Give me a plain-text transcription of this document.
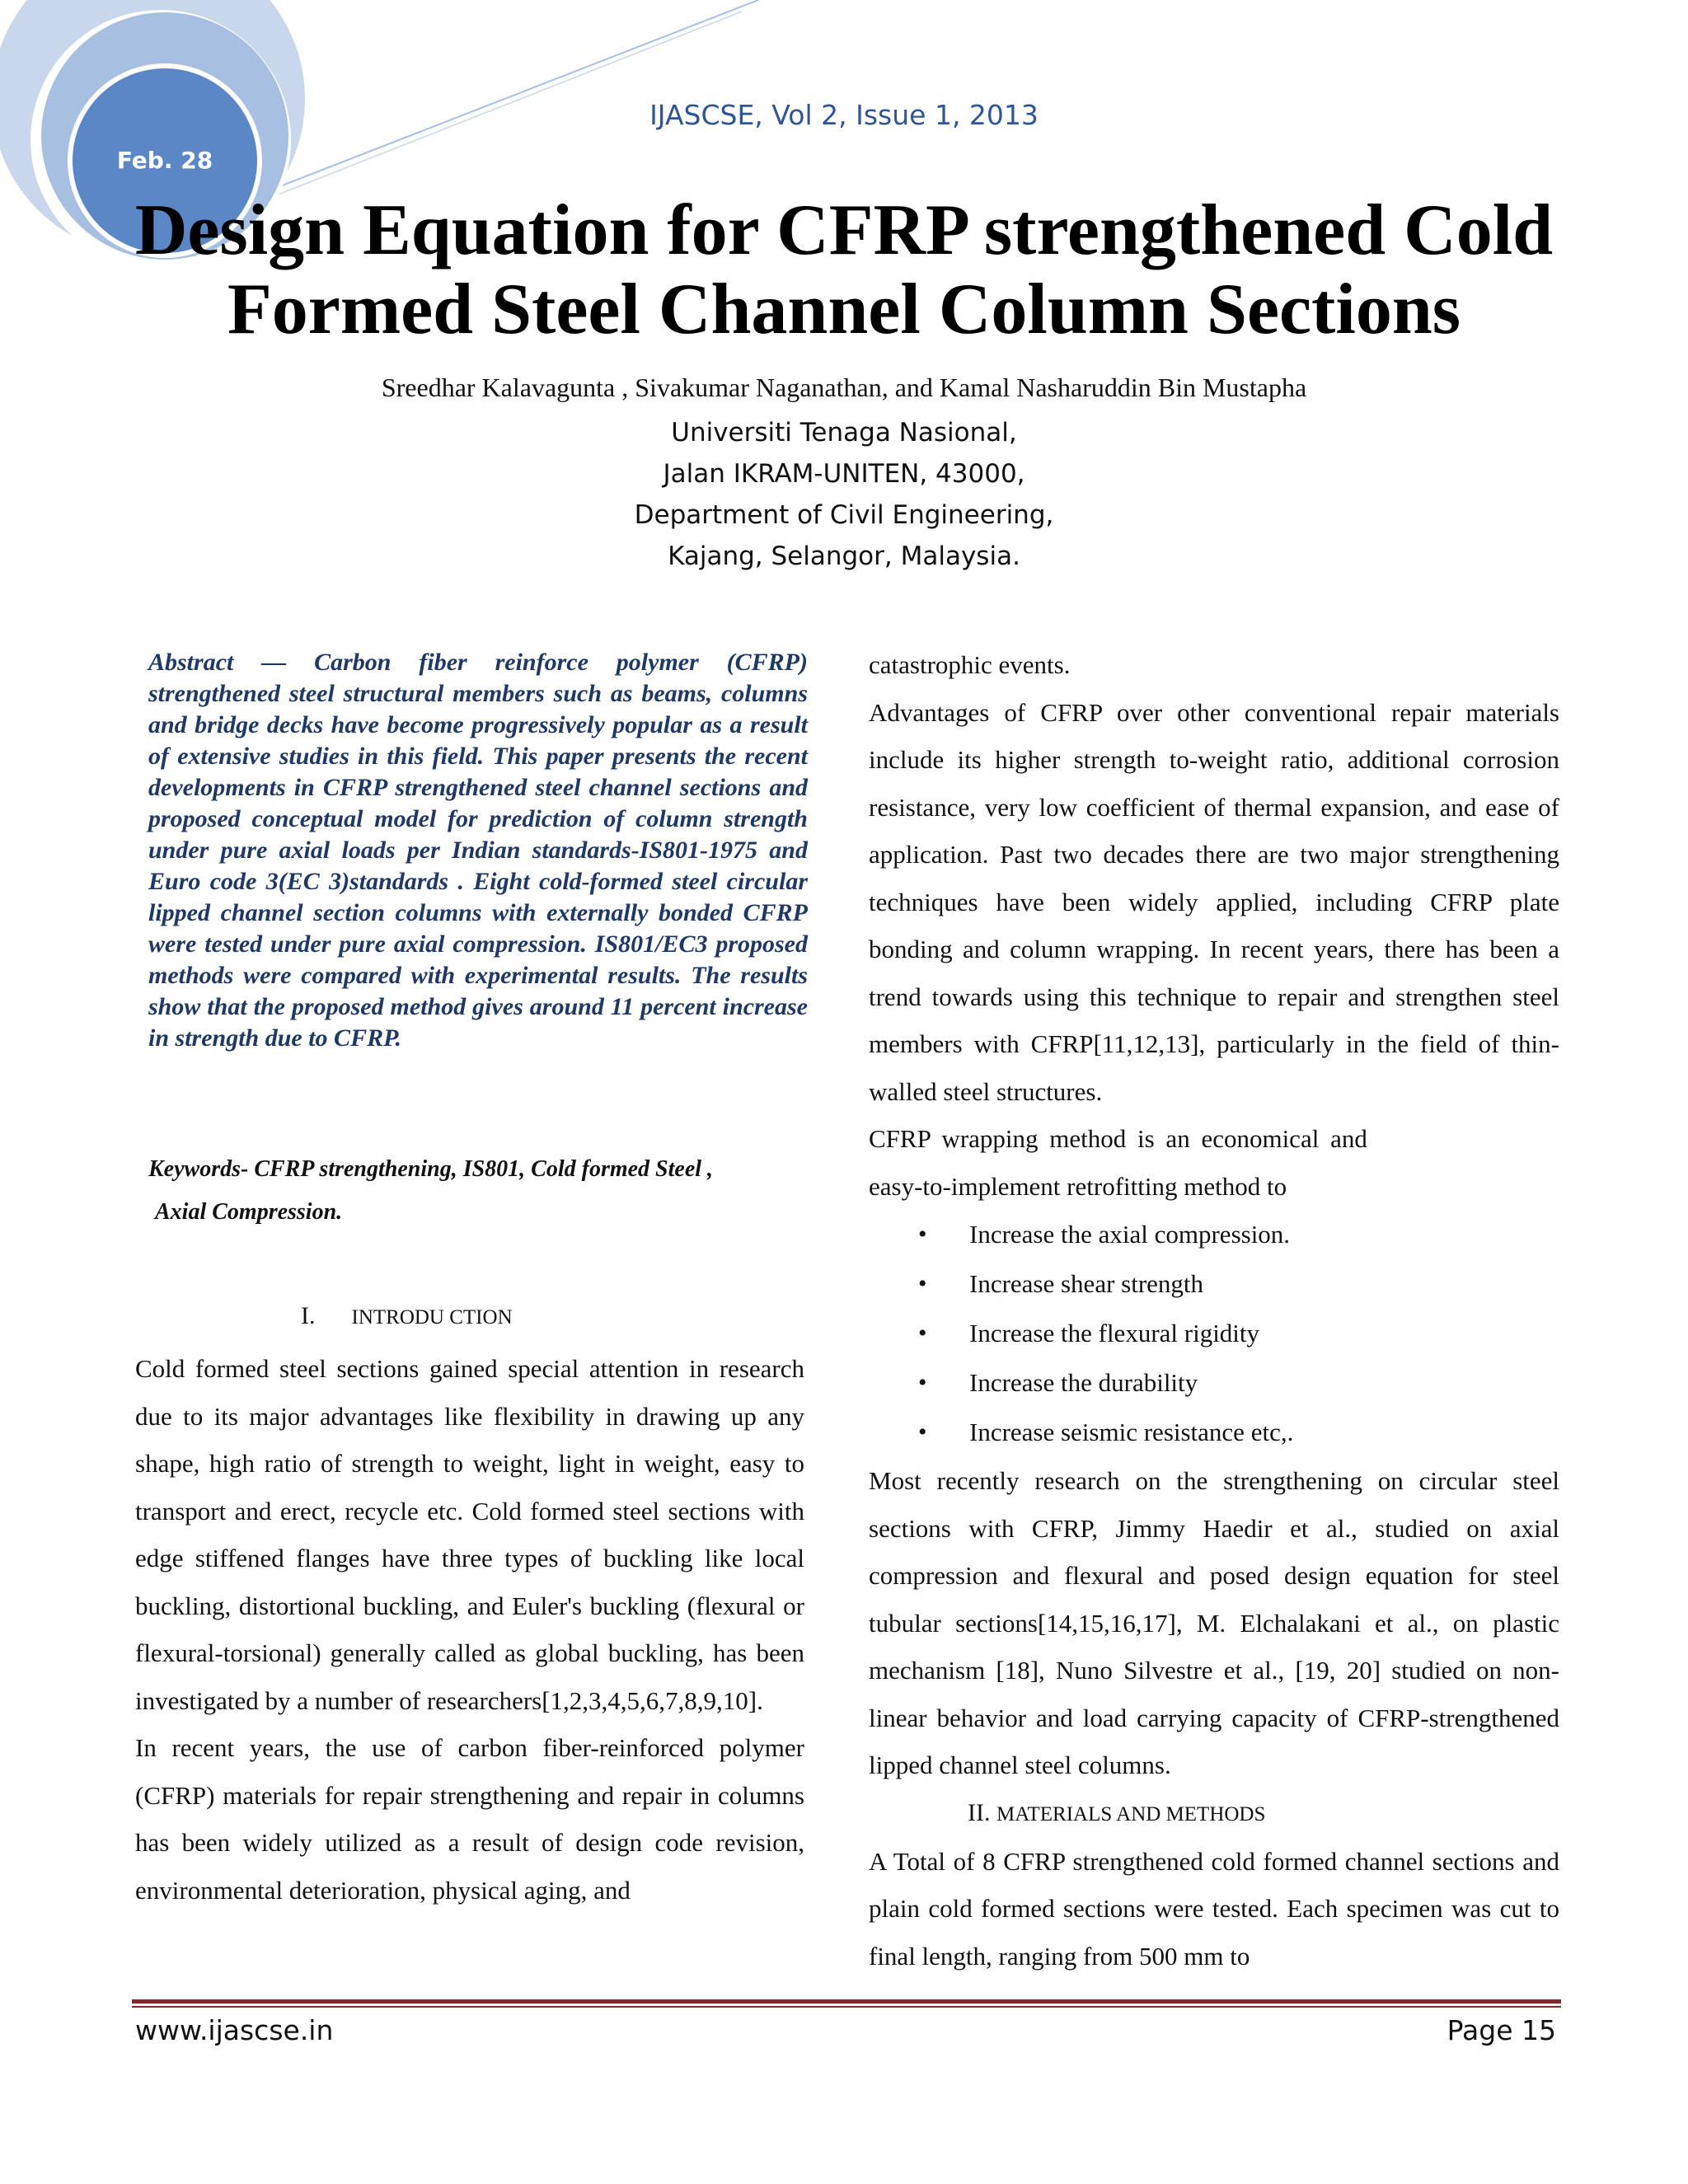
Feb. 28
IJASCSE, Vol 2, Issue 1, 2013
Design Equation for CFRP strengthened Cold
Formed Steel Channel Column Sections
Sreedhar Kalavagunta , Sivakumar Naganathan, and Kamal Nasharuddin Bin Mustapha
Universiti Tenaga Nasional,
Jalan IKRAM-UNITEN, 43000,
Department of Civil Engineering,
Kajang, Selangor, Malaysia.

Abstract — Carbon fiber reinforce polymer (CFRP) strengthened steel structural members such as beams, columns and bridge decks have become progressively popular as a result of extensive studies in this field. This paper presents the recent developments in CFRP strengthened steel channel sections and proposed conceptual model for prediction of column strength under pure axial loads per Indian standards-IS801-1975 and Euro code 3(EC 3)standards . Eight cold-formed steel circular lipped channel section columns with externally bonded CFRP were tested under pure axial compression. IS801/EC3 proposed methods were compared with experimental results. The results show that the proposed method gives around 11 percent increase in strength due to CFRP.

Keywords- CFRP strengthening, IS801, Cold formed Steel ,
Axial Compression.
I. INTRODU CTION

Cold formed steel sections gained special attention in research due to its major advantages like flexibility in drawing up any shape, high ratio of strength to weight, light in weight, easy to transport and erect, recycle etc. Cold formed steel sections with edge stiffened flanges have three types of buckling like local buckling, distortional buckling, and Euler's buckling (flexural or flexural-torsional) generally called as global buckling, has been investigated by a number of researchers[1,2,3,4,5,6,7,8,9,10].

In recent years, the use of carbon fiber-reinforced polymer (CFRP) materials for repair strengthening and repair in columns has been widely utilized as a result of design code revision, environmental deterioration, physical aging, and

catastrophic events.

Advantages of CFRP over other conventional repair materials include its higher strength to-weight ratio, additional corrosion resistance, very low coefficient of thermal expansion, and ease of application. Past two decades there are two major strengthening techniques have been widely applied, including CFRP plate bonding and column wrapping. In recent years, there has been a trend towards using this technique to repair and strengthen steel members with CFRP[11,12,13], particularly in the field of thin-walled steel structures.

CFRP wrapping method is an economical and

easy-to-implement retrofitting method to

• Increase the axial compression.
• Increase shear strength
• Increase the flexural rigidity
• Increase the durability
• Increase seismic resistance etc,.

Most recently research on the strengthening on circular steel sections with CFRP, Jimmy Haedir et al., studied on axial compression and flexural and posed design equation for steel tubular sections[14,15,16,17], M. Elchalakani et al., on plastic mechanism [18], Nuno Silvestre et al., [19, 20] studied on non-linear behavior and load carrying capacity of CFRP-strengthened lipped channel steel columns.

II. MATERIALS AND METHODS

A Total of 8 CFRP strengthened cold formed channel sections and plain cold formed sections were tested. Each specimen was cut to final length, ranging from 500 mm to

www.ijascse.in	Page 15
